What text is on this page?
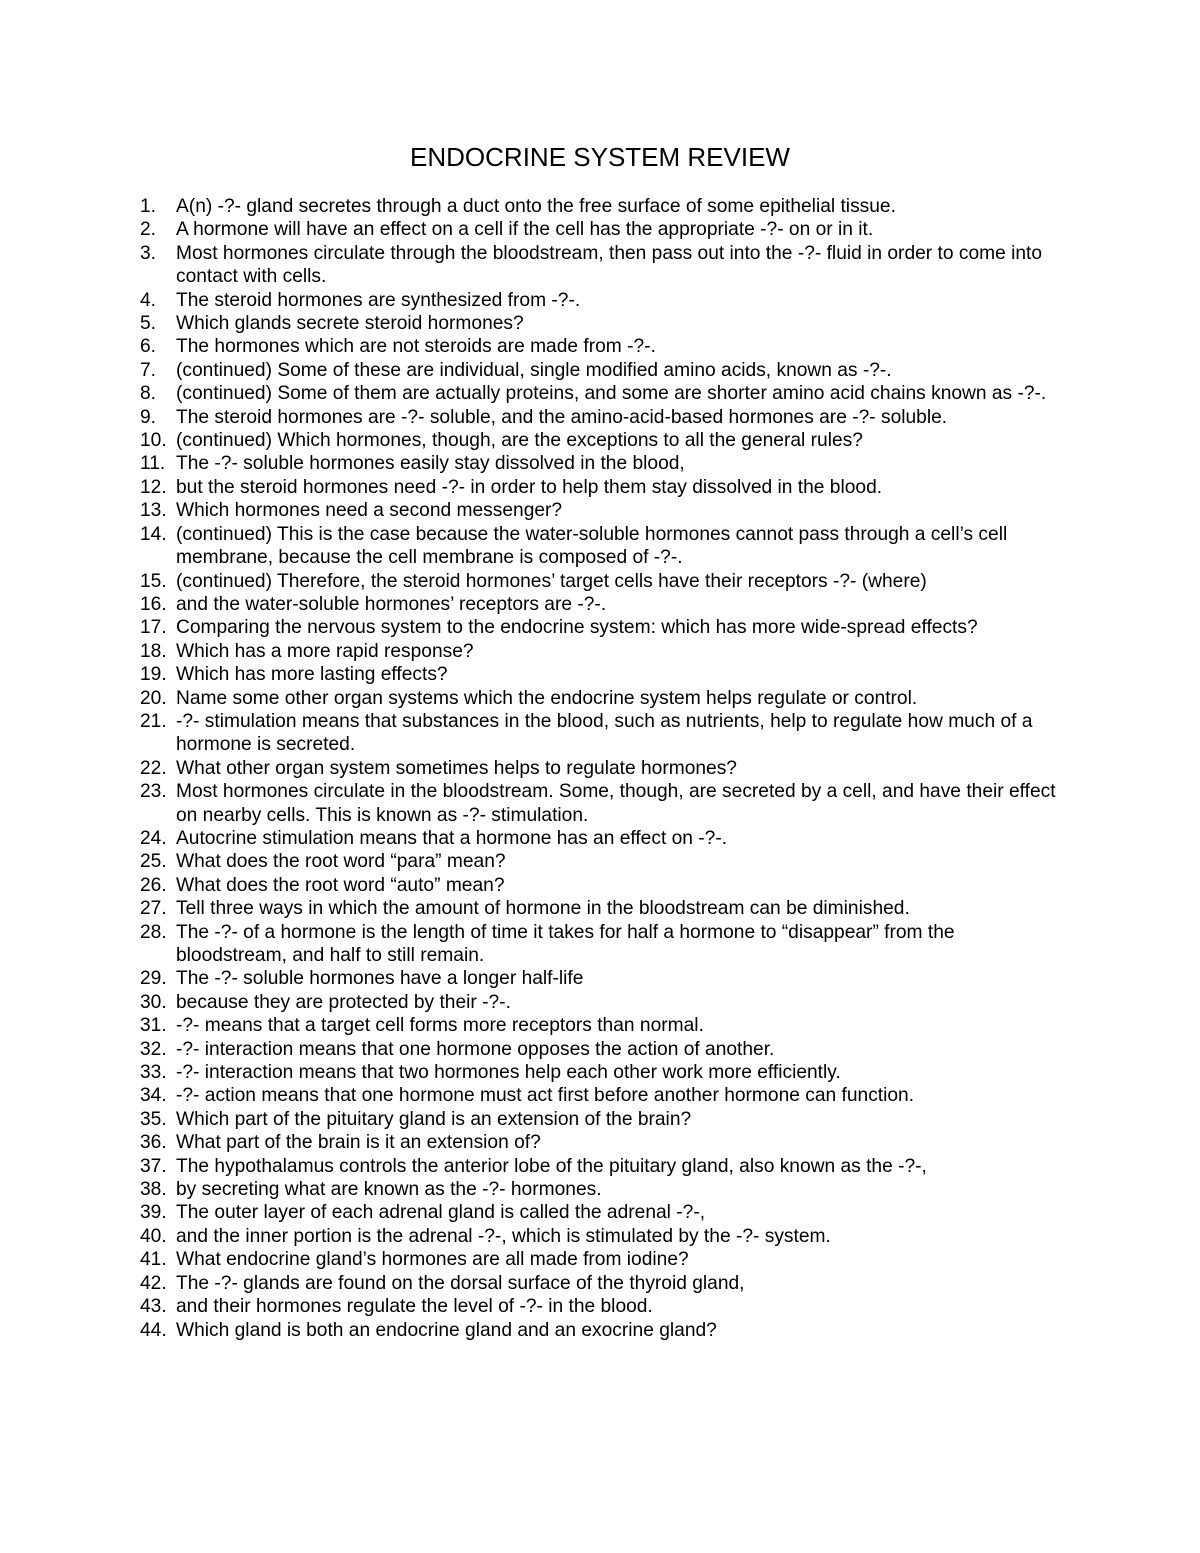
ENDOCRINE SYSTEM REVIEW
1.	A(n) -?- gland secretes through a duct onto the free surface of some epithelial tissue.
2.	A hormone will have an effect on a cell if the cell has the appropriate -?- on or in it.
3.	Most hormones circulate through the bloodstream, then pass out into the -?- fluid in order to come into contact with cells.
4.	The steroid hormones are synthesized from -?-.
5.	Which glands secrete steroid hormones?
6.	The hormones which are not steroids are made from -?-.
7.	(continued) Some of these are individual, single modified amino acids, known as -?-.
8.	(continued) Some of them are actually proteins, and some are shorter amino acid chains known as -?-.
9.	The steroid hormones are -?- soluble, and the amino-acid-based hormones are -?- soluble.
10. (continued) Which hormones, though, are the exceptions to all the general rules?
11. The -?- soluble hormones easily stay dissolved in the blood,
12. but the steroid hormones need -?- in order to help them stay dissolved in the blood.
13. Which hormones need a second messenger?
14. (continued) This is the case because the water-soluble hormones cannot pass through a cell’s cell membrane, because the cell membrane is composed of -?-.
15. (continued) Therefore, the steroid hormones’ target cells have their receptors -?- (where)
16. and the water-soluble hormones’ receptors are -?-.
17. Comparing the nervous system to the endocrine system: which has more wide-spread effects?
18. Which has a more rapid response?
19. Which has more lasting effects?
20. Name some other organ systems which the endocrine system helps regulate or control.
21. -?- stimulation means that substances in the blood, such as nutrients, help to regulate how much of a hormone is secreted.
22. What other organ system sometimes helps to regulate hormones?
23. Most hormones circulate in the bloodstream. Some, though, are secreted by a cell, and have their effect on nearby cells. This is known as -?- stimulation.
24. Autocrine stimulation means that a hormone has an effect on -?-.
25. What does the root word “para” mean?
26. What does the root word “auto” mean?
27. Tell three ways in which the amount of hormone in the bloodstream can be diminished.
28. The -?- of a hormone is the length of time it takes for half a hormone to “disappear” from the bloodstream, and half to still remain.
29. The -?- soluble hormones have a longer half-life
30. because they are protected by their -?-.
31. -?- means that a target cell forms more receptors than normal.
32. -?- interaction means that one hormone opposes the action of another.
33. -?- interaction means that two hormones help each other work more efficiently.
34. -?- action means that one hormone must act first before another hormone can function.
35. Which part of the pituitary gland is an extension of the brain?
36. What part of the brain is it an extension of?
37. The hypothalamus controls the anterior lobe of the pituitary gland, also known as the -?-,
38. by secreting what are known as the -?- hormones.
39. The outer layer of each adrenal gland is called the adrenal -?-,
40. and the inner portion is the adrenal -?-, which is stimulated by the -?- system.
41. What endocrine gland’s hormones are all made from iodine?
42. The -?- glands are found on the dorsal surface of the thyroid gland,
43. and their hormones regulate the level of -?- in the blood.
44. Which gland is both an endocrine gland and an exocrine gland?
